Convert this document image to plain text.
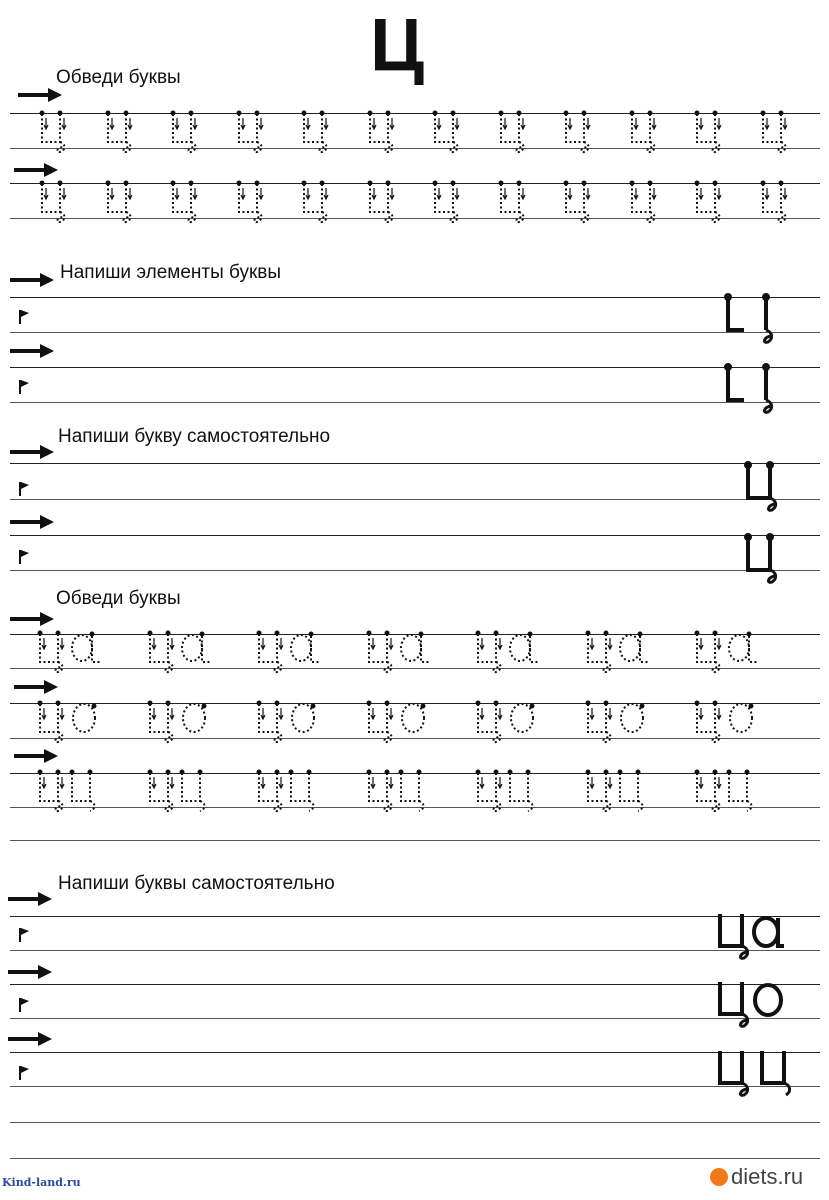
Ц
Обведи буквы
Напиши элементы буквы
Напиши букву самостоятельно
Обведи буквы
Напиши буквы самостоятельно
Kind-land.ru	diets.ru
